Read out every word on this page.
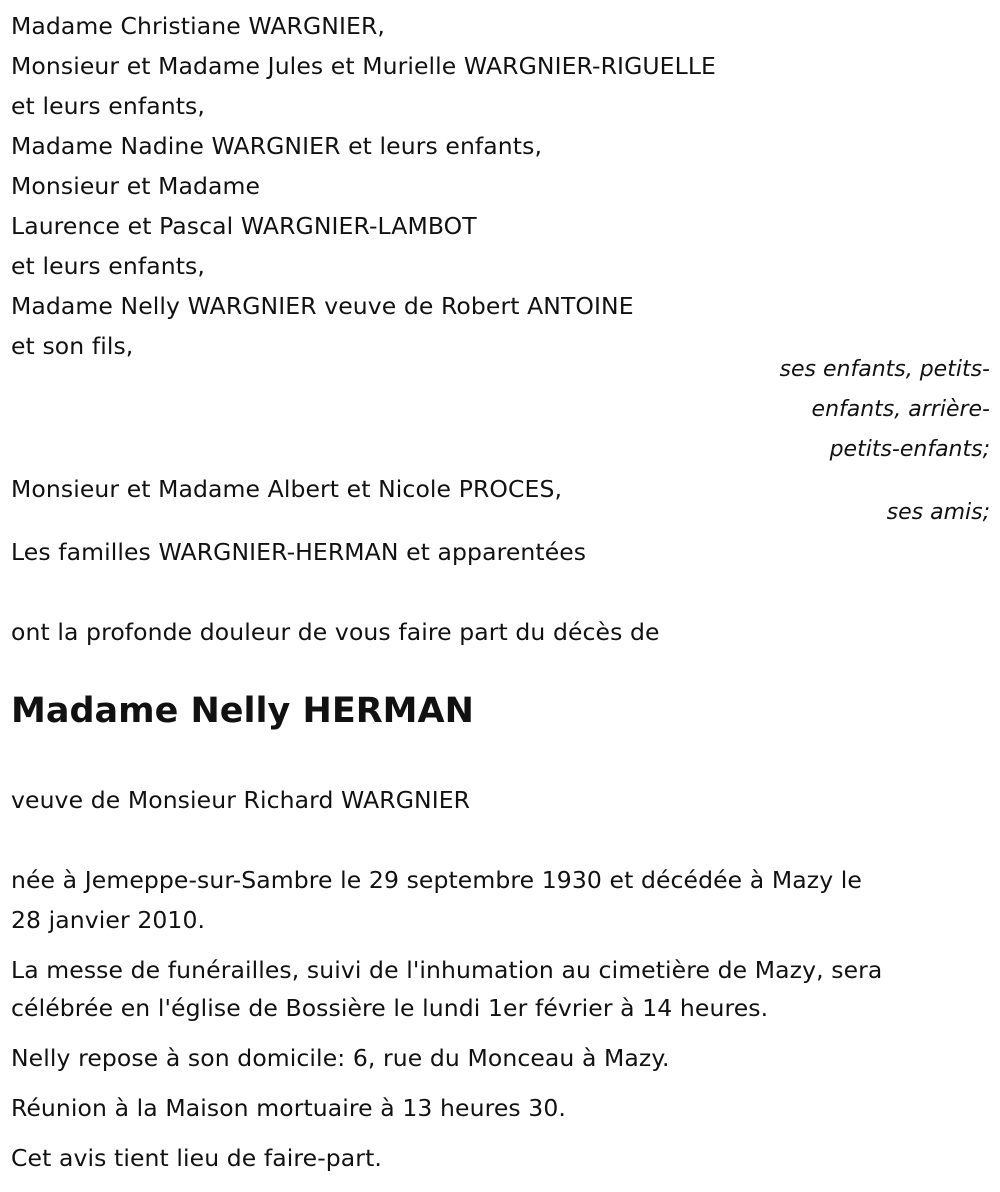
Madame Christiane WARGNIER,
Monsieur et Madame Jules et Murielle WARGNIER-RIGUELLE
et leurs enfants,
Madame Nadine WARGNIER et leurs enfants,
Monsieur et Madame
Laurence et Pascal WARGNIER-LAMBOT
et leurs enfants,
Madame Nelly WARGNIER veuve de Robert ANTOINE
et son fils,
ses enfants, petits-
enfants, arrière-
petits-enfants;
Monsieur et Madame Albert et Nicole PROCES,
ses amis;
Les familles WARGNIER-HERMAN et apparentées
ont la profonde douleur de vous faire part du décès de
Madame Nelly HERMAN
veuve de Monsieur Richard WARGNIER
née à Jemeppe-sur-Sambre le 29 septembre 1930 et décédée à Mazy le
28 janvier 2010.
La messe de funérailles, suivi de l'inhumation au cimetière de Mazy, sera
célébrée en l'église de Bossière le lundi 1er février à 14 heures.
Nelly repose à son domicile: 6, rue du Monceau à Mazy.
Réunion à la Maison mortuaire à 13 heures 30.
Cet avis tient lieu de faire-part.
